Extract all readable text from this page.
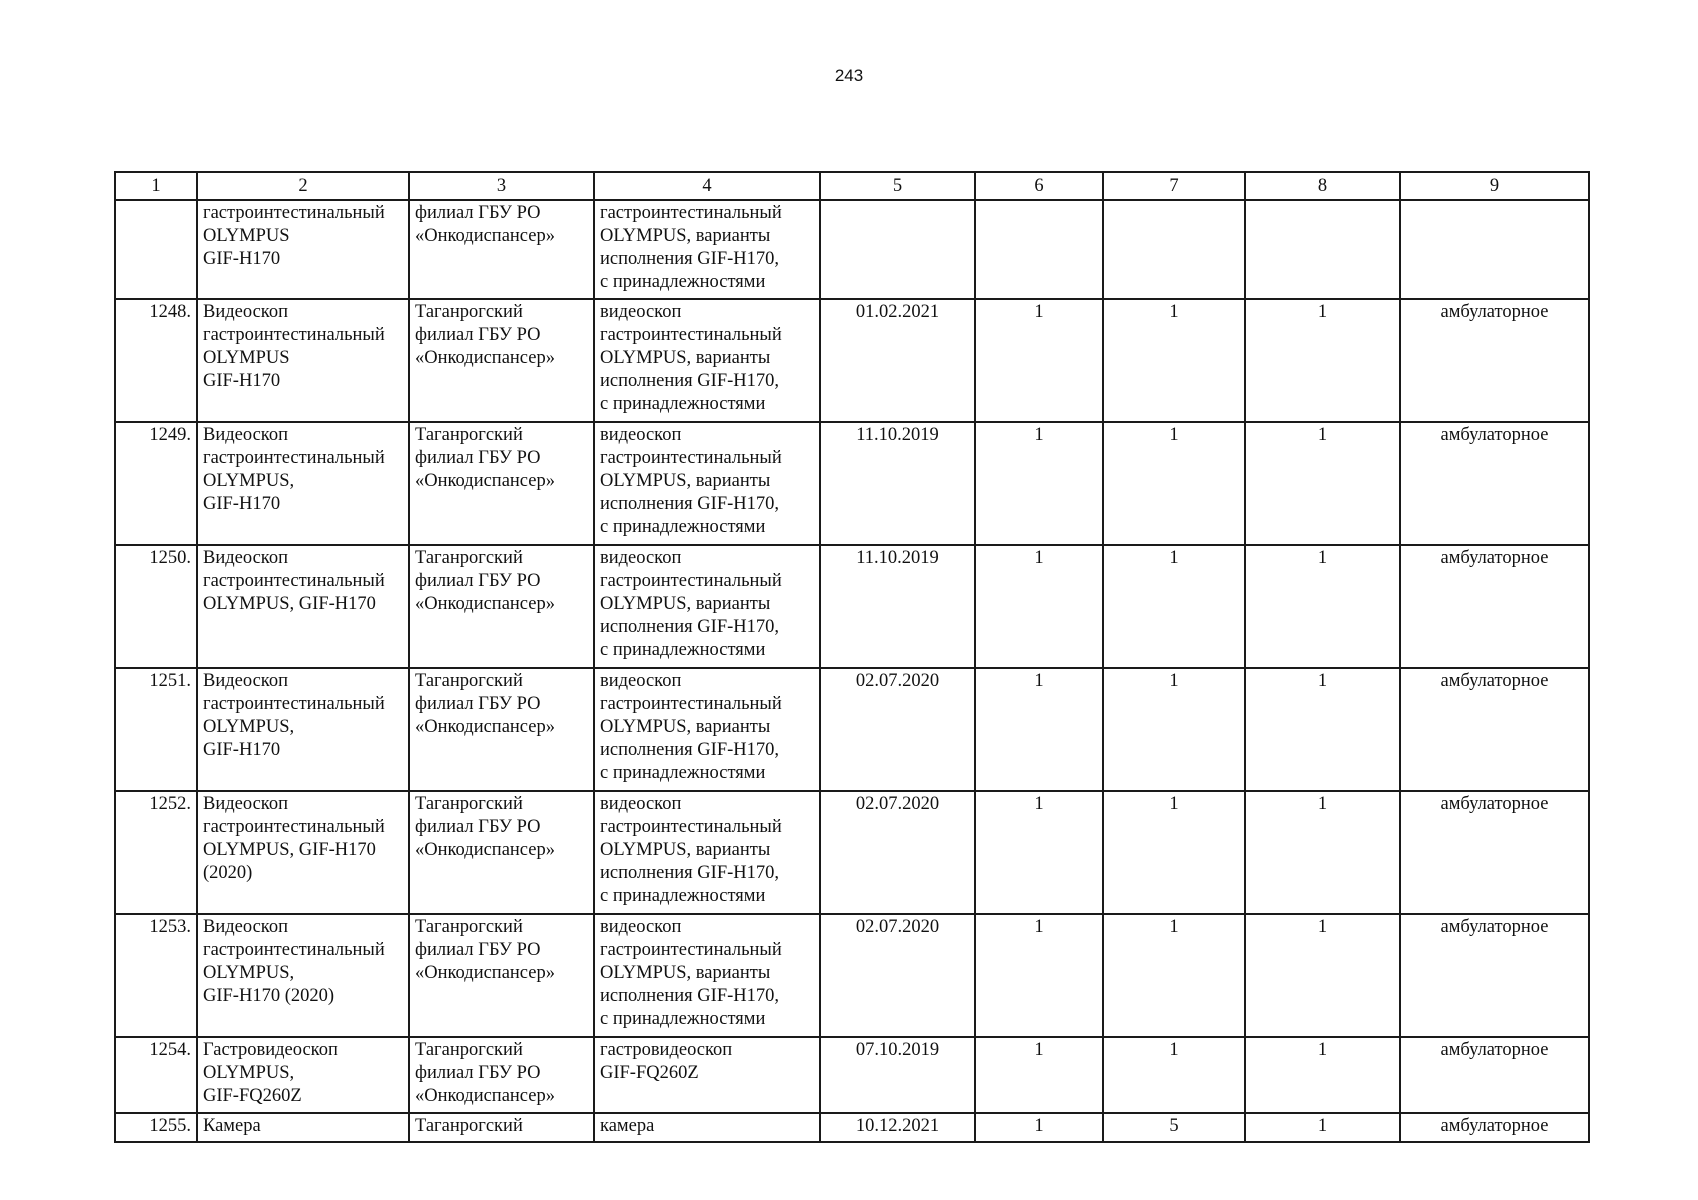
243
1	2	3	4	5	6	7	8	9
	гастроинтестинальный
OLYMPUS
GIF-H170	филиал ГБУ РО
«Онкодиспансер»	гастроинтестинальный
OLYMPUS, варианты
исполнения GIF-H170,
с принадлежностями					
1248.	Видеоскоп
гастроинтестинальный
OLYMPUS
GIF-H170	Таганрогский
филиал ГБУ РО
«Онкодиспансер»	видеоскоп
гастроинтестинальный
OLYMPUS, варианты
исполнения GIF-H170,
с принадлежностями	01.02.2021	1	1	1	амбулаторное
1249.	Видеоскоп
гастроинтестинальный
OLYMPUS,
GIF-H170	Таганрогский
филиал ГБУ РО
«Онкодиспансер»	видеоскоп
гастроинтестинальный
OLYMPUS, варианты
исполнения GIF-H170,
с принадлежностями	11.10.2019	1	1	1	амбулаторное
1250.	Видеоскоп
гастроинтестинальный
OLYMPUS, GIF-H170	Таганрогский
филиал ГБУ РО
«Онкодиспансер»	видеоскоп
гастроинтестинальный
OLYMPUS, варианты
исполнения GIF-H170,
с принадлежностями	11.10.2019	1	1	1	амбулаторное
1251.	Видеоскоп
гастроинтестинальный
OLYMPUS,
GIF-H170	Таганрогский
филиал ГБУ РО
«Онкодиспансер»	видеоскоп
гастроинтестинальный
OLYMPUS, варианты
исполнения GIF-H170,
с принадлежностями	02.07.2020	1	1	1	амбулаторное
1252.	Видеоскоп
гастроинтестинальный
OLYMPUS, GIF-H170
(2020)	Таганрогский
филиал ГБУ РО
«Онкодиспансер»	видеоскоп
гастроинтестинальный
OLYMPUS, варианты
исполнения GIF-H170,
с принадлежностями	02.07.2020	1	1	1	амбулаторное
1253.	Видеоскоп
гастроинтестинальный
OLYMPUS,
GIF-H170 (2020)	Таганрогский
филиал ГБУ РО
«Онкодиспансер»	видеоскоп
гастроинтестинальный
OLYMPUS, варианты
исполнения GIF-H170,
с принадлежностями	02.07.2020	1	1	1	амбулаторное
1254.	Гастровидеоскоп
OLYMPUS,
GIF-FQ260Z	Таганрогский
филиал ГБУ РО
«Онкодиспансер»	гастровидеоскоп
GIF-FQ260Z	07.10.2019	1	1	1	амбулаторное
1255.	Камера	Таганрогский	камера	10.12.2021	1	5	1	амбулаторное
